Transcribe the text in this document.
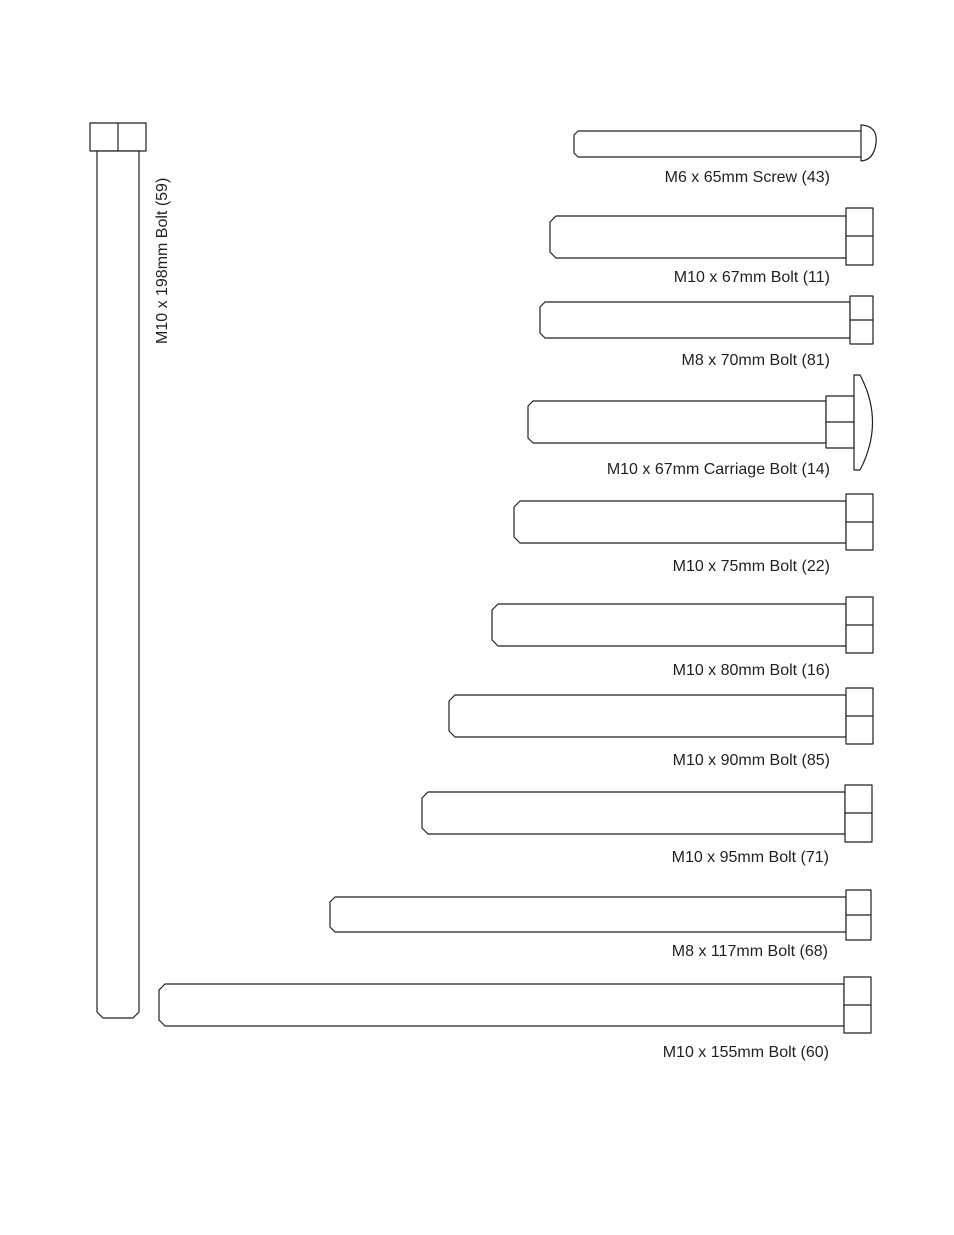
M6 x 65mm Screw (43)
M10 x 67mm Bolt (11)
M8 x 70mm Bolt (81)
M10 x 67mm Carriage Bolt (14)
M10 x 75mm Bolt (22)
M10 x 80mm Bolt (16)
M10 x 90mm Bolt (85)
M10 x 95mm Bolt (71)
M8 x 117mm Bolt (68)
M10 x 155mm Bolt (60)
M10 x 198mm Bolt (59)
